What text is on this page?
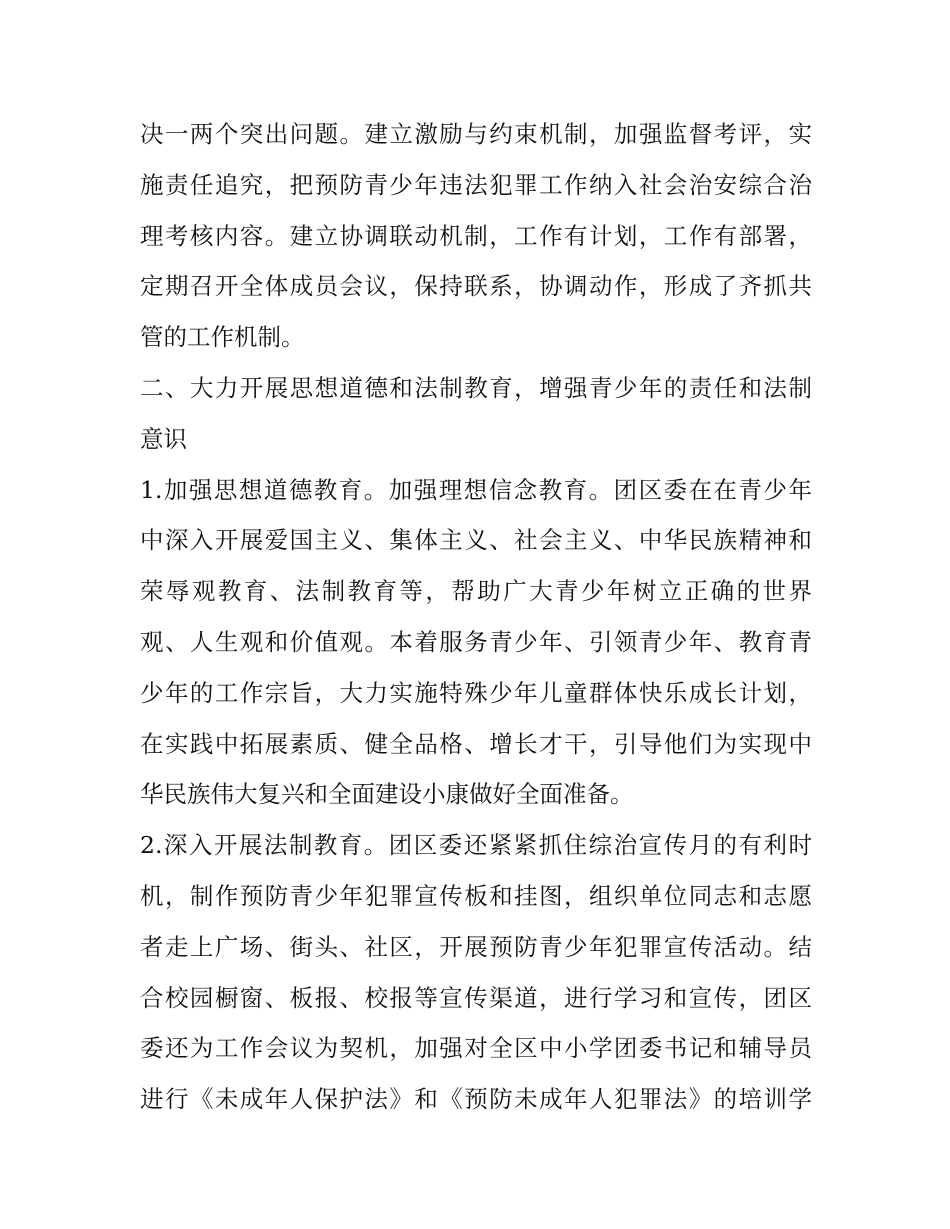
决一两个突出问题。建立激励与约束机制，加强监督考评，实
施责任追究，把预防青少年违法犯罪工作纳入社会治安综合治
理考核内容。建立协调联动机制，工作有计划，工作有部署，
定期召开全体成员会议，保持联系，协调动作，形成了齐抓共
管的工作机制。
二、大力开展思想道德和法制教育，增强青少年的责任和法制
意识
1.加强思想道德教育。加强理想信念教育。团区委在在青少年
中深入开展爱国主义、集体主义、社会主义、中华民族精神和
荣辱观教育、法制教育等，帮助广大青少年树立正确的世界
观、人生观和价值观。本着服务青少年、引领青少年、教育青
少年的工作宗旨，大力实施特殊少年儿童群体快乐成长计划，
在实践中拓展素质、健全品格、增长才干，引导他们为实现中
华民族伟大复兴和全面建设小康做好全面准备。
2.深入开展法制教育。团区委还紧紧抓住综治宣传月的有利时
机，制作预防青少年犯罪宣传板和挂图，组织单位同志和志愿
者走上广场、街头、社区，开展预防青少年犯罪宣传活动。结
合校园橱窗、板报、校报等宣传渠道，进行学习和宣传，团区
委还为工作会议为契机，加强对全区中小学团委书记和辅导员
进行《未成年人保护法》和《预防未成年人犯罪法》的培训学
